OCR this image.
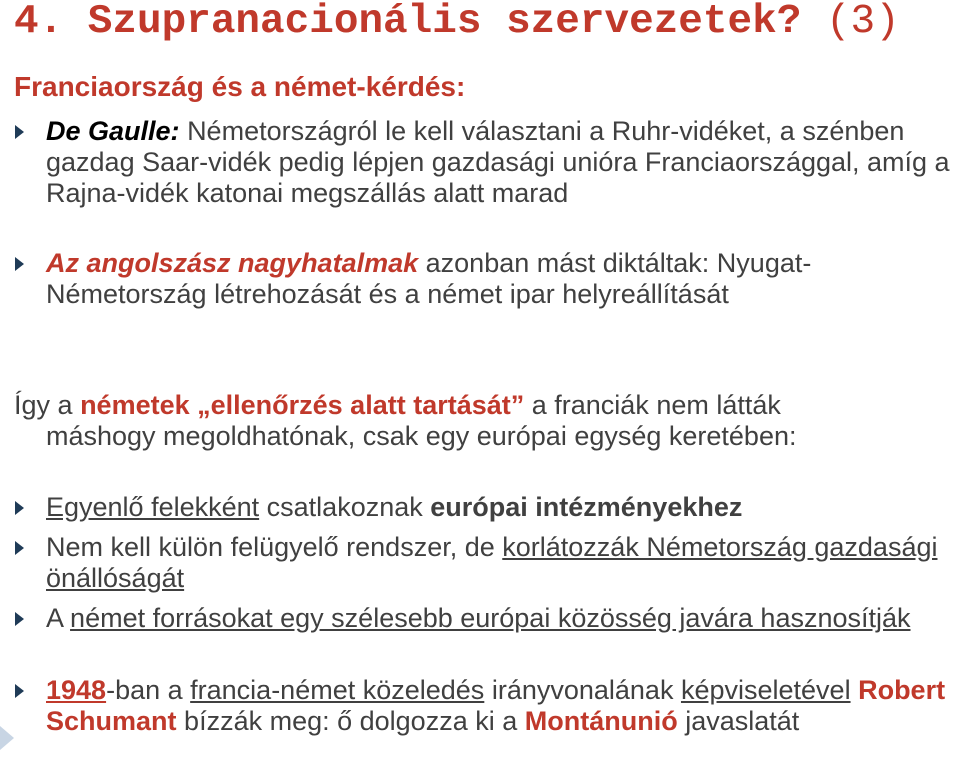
4. Szupranacionális szervezetek? (3)
Franciaország és a német-kérdés:
De Gaulle: Németországról le kell választani a Ruhr-vidéket, a szénben gazdag Saar-vidék pedig lépjen gazdasági unióra Franciaországgal, amíg a Rajna-vidék katonai megszállás alatt marad
Az angolszász nagyhatalmak azonban mást diktáltak: Nyugat-Németország létrehozását és a német ipar helyreállítását
Így a németek „ellenőrzés alatt tartását” a franciák nem látták
máshogy megoldhatónak, csak egy európai egység keretében:
Egyenlő felekként csatlakoznak európai intézményekhez
Nem kell külön felügyelő rendszer, de korlátozzák Németország gazdasági önállóságát
A német forrásokat egy szélesebb európai közösség javára hasznosítják
1948-ban a francia-német közeledés irányvonalának képviseletével Robert Schumant bízzák meg: ő dolgozza ki a Montánunió javaslatát
